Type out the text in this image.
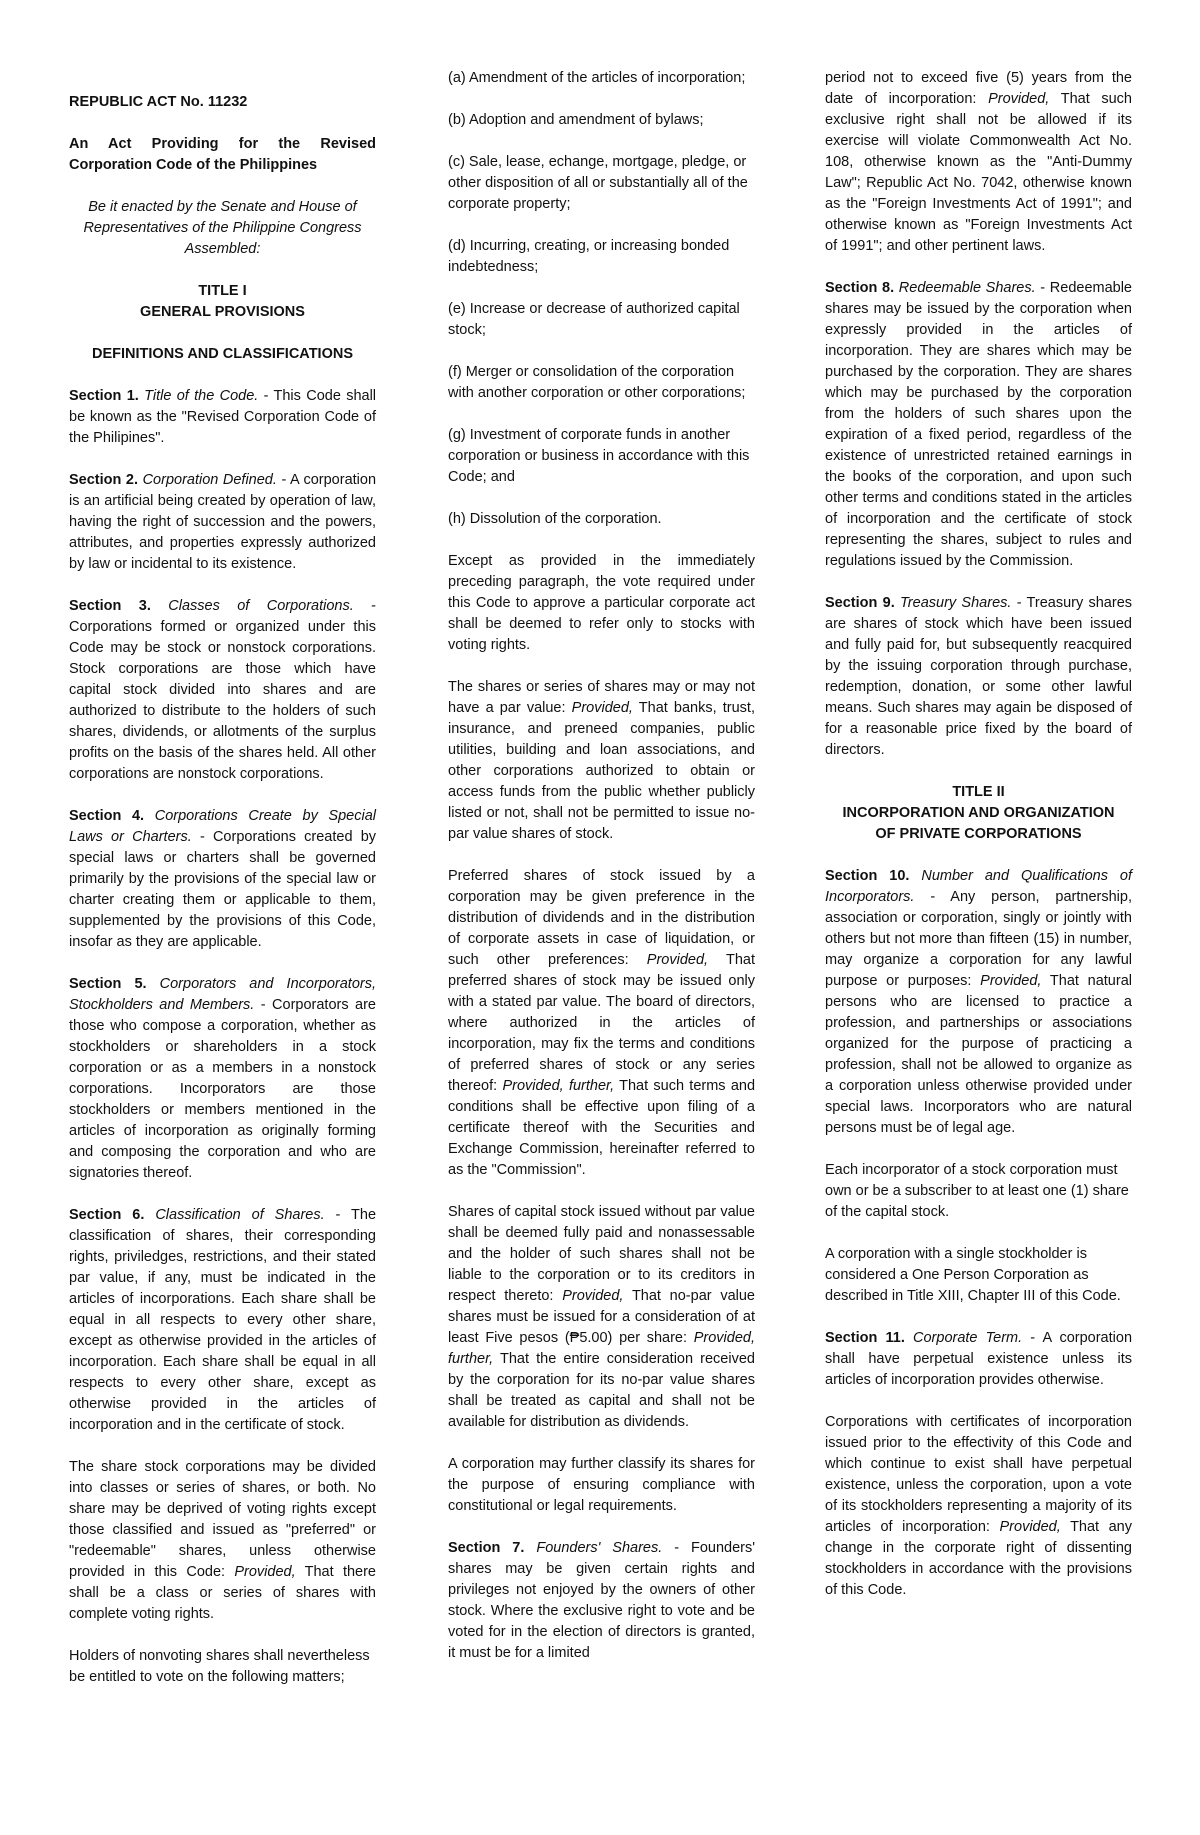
REPUBLIC ACT No. 11232

An Act Providing for the Revised Corporation Code of the Philippines

Be it enacted by the Senate and House of Representatives of the Philippine Congress Assembled:

TITLE I

GENERAL PROVISIONS

DEFINITIONS AND CLASSIFICATIONS

Section 1. Title of the Code. - This Code shall be known as the "Revised Corporation Code of the Philipines".

Section 2. Corporation Defined. - A corporation is an artificial being created by operation of law, having the right of succession and the powers, attributes, and properties expressly authorized by law or incidental to its existence.

Section 3. Classes of Corporations. - Corporations formed or organized under this Code may be stock or nonstock corporations. Stock corporations are those which have capital stock divided into shares and are authorized to distribute to the holders of such shares, dividends, or allotments of the surplus profits on the basis of the shares held. All other corporations are nonstock corporations.

Section 4. Corporations Create by Special Laws or Charters. - Corporations created by special laws or charters shall be governed primarily by the provisions of the special law or charter creating them or applicable to them, supplemented by the provisions of this Code, insofar as they are applicable.

Section 5. Corporators and Incorporators, Stockholders and Members. - Corporators are those who compose a corporation, whether as stockholders or shareholders in a stock corporation or as a members in a nonstock corporations. Incorporators are those stockholders or members mentioned in the articles of incorporation as originally forming and composing the corporation and who are signatories thereof.

Section 6. Classification of Shares. - The classification of shares, their corresponding rights, priviledges, restrictions, and their stated par value, if any, must be indicated in the articles of incorporations. Each share shall be equal in all respects to every other share, except as otherwise provided in the articles of incorporation. Each share shall be equal in all respects to every other share, except as otherwise provided in the articles of incorporation and in the certificate of stock.

The share stock corporations may be divided into classes or series of shares, or both. No share may be deprived of voting rights except those classified and issued as "preferred" or "redeemable" shares, unless otherwise provided in this Code: Provided, That there shall be a class or series of shares with complete voting rights.

Holders of nonvoting shares shall nevertheless be entitled to vote on the following matters;

(a) Amendment of the articles of incorporation;

(b) Adoption and amendment of bylaws;

(c) Sale, lease, echange, mortgage, pledge, or other disposition of all or substantially all of the corporate property;

(d) Incurring, creating, or increasing bonded indebtedness;

(e) Increase or decrease of authorized capital stock;

(f) Merger or consolidation of the corporation with another corporation or other corporations;

(g) Investment of corporate funds in another corporation or business in accordance with this Code; and

(h) Dissolution of the corporation.

Except as provided in the immediately preceding paragraph, the vote required under this Code to approve a particular corporate act shall be deemed to refer only to stocks with voting rights.

The shares or series of shares may or may not have a par value: Provided, That banks, trust, insurance, and preneed companies, public utilities, building and loan associations, and other corporations authorized to obtain or access funds from the public whether publicly listed or not, shall not be permitted to issue no-par value shares of stock.

Preferred shares of stock issued by a corporation may be given preference in the distribution of dividends and in the distribution of corporate assets in case of liquidation, or such other preferences: Provided, That preferred shares of stock may be issued only with a stated par value. The board of directors, where authorized in the articles of incorporation, may fix the terms and conditions of preferred shares of stock or any series thereof: Provided, further, That such terms and conditions shall be effective upon filing of a certificate thereof with the Securities and Exchange Commission, hereinafter referred to as the "Commission".

Shares of capital stock issued without par value shall be deemed fully paid and nonassessable and the holder of such shares shall not be liable to the corporation or to its creditors in respect thereto: Provided, That no-par value shares must be issued for a consideration of at least Five pesos (₱5.00) per share: Provided, further, That the entire consideration received by the corporation for its no-par value shares shall be treated as capital and shall not be available for distribution as dividends.

A corporation may further classify its shares for the purpose of ensuring compliance with constitutional or legal requirements.

Section 7. Founders' Shares. - Founders' shares may be given certain rights and privileges not enjoyed by the owners of other stock. Where the exclusive right to vote and be voted for in the election of directors is granted, it must be for a limited

period not to exceed five (5) years from the date of incorporation: Provided, That such exclusive right shall not be allowed if its exercise will violate Commonwealth Act No. 108, otherwise known as the "Anti-Dummy Law"; Republic Act No. 7042, otherwise known as the "Foreign Investments Act of 1991"; and otherwise known as "Foreign Investments Act of 1991"; and other pertinent laws.

Section 8. Redeemable Shares. - Redeemable shares may be issued by the corporation when expressly provided in the articles of incorporation. They are shares which may be purchased by the corporation. They are shares which may be purchased by the corporation from the holders of such shares upon the expiration of a fixed period, regardless of the existence of unrestricted retained earnings in the books of the corporation, and upon such other terms and conditions stated in the articles of incorporation and the certificate of stock representing the shares, subject to rules and regulations issued by the Commission.

Section 9. Treasury Shares. - Treasury shares are shares of stock which have been issued and fully paid for, but subsequently reacquired by the issuing corporation through purchase, redemption, donation, or some other lawful means. Such shares may again be disposed of for a reasonable price fixed by the board of directors.

TITLE II
INCORPORATION AND ORGANIZATION

OF PRIVATE CORPORATIONS

Section 10. Number and Qualifications of Incorporators. - Any person, partnership, association or corporation, singly or jointly with others but not more than fifteen (15) in number, may organize a corporation for any lawful purpose or purposes: Provided, That natural persons who are licensed to practice a profession, and partnerships or associations organized for the purpose of practicing a profession, shall not be allowed to organize as a corporation unless otherwise provided under special laws. Incorporators who are natural persons must be of legal age.

Each incorporator of a stock corporation must own or be a subscriber to at least one (1) share of the capital stock.

A corporation with a single stockholder is considered a One Person Corporation as described in Title XIII, Chapter III of this Code.

Section 11. Corporate Term. - A corporation shall have perpetual existence unless its articles of incorporation provides otherwise.

Corporations with certificates of incorporation issued prior to the effectivity of this Code and which continue to exist shall have perpetual existence, unless the corporation, upon a vote of its stockholders representing a majority of its articles of incorporation: Provided, That any change in the corporate right of dissenting stockholders in accordance with the provisions of this Code.
